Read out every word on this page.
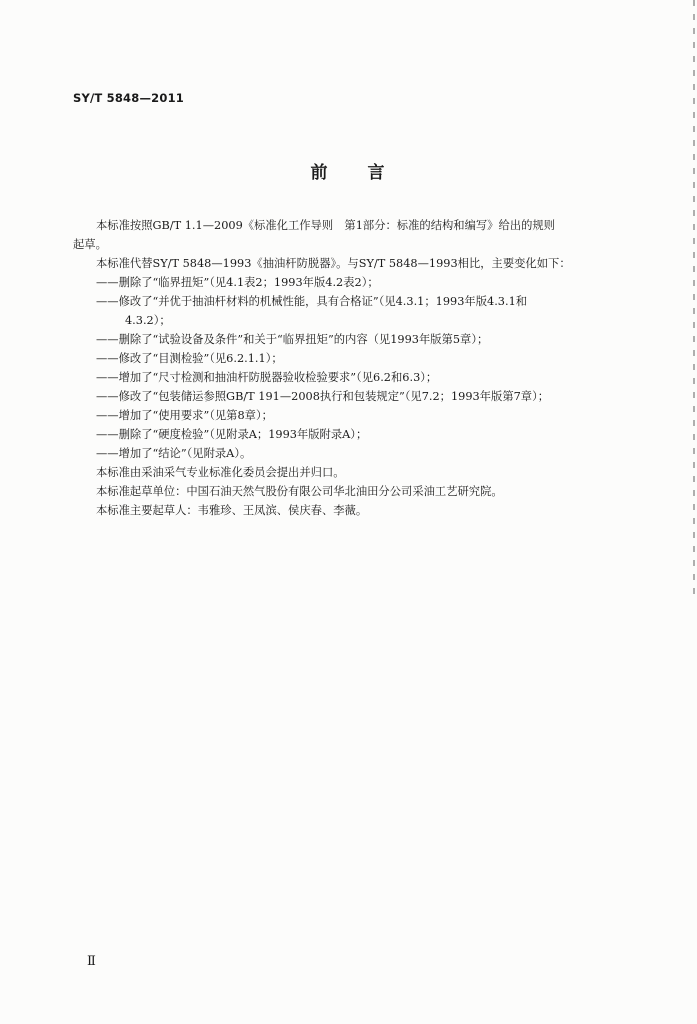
SY/T 5848—2011
前　　言
本标准按照GB/T 1.1—2009《标准化工作导则　第1部分：标准的结构和编写》给出的规则
起草。
本标准代替SY/T 5848—1993《抽油杆防脱器》。与SY/T 5848—1993相比，主要变化如下：
——删除了“临界扭矩”（见4.1表2；1993年版4.2表2）；
——修改了“并优于抽油杆材料的机械性能，具有合格证”（见4.3.1；1993年版4.3.1和
4.3.2）；
——删除了“试验设备及条件”和关于“临界扭矩”的内容（见1993年版第5章）；
——修改了“目测检验”（见6.2.1.1）；
——增加了“尺寸检测和抽油杆防脱器验收检验要求”（见6.2和6.3）；
——修改了“包装储运参照GB/T 191—2008执行和包装规定”（见7.2；1993年版第7章）；
——增加了“使用要求”（见第8章）；
——删除了“硬度检验”（见附录A；1993年版附录A）；
——增加了“结论”（见附录A）。
本标准由采油采气专业标准化委员会提出并归口。
本标准起草单位：中国石油天然气股份有限公司华北油田分公司采油工艺研究院。
本标准主要起草人：韦雅珍、王凤滨、侯庆春、李薇。
Ⅱ
